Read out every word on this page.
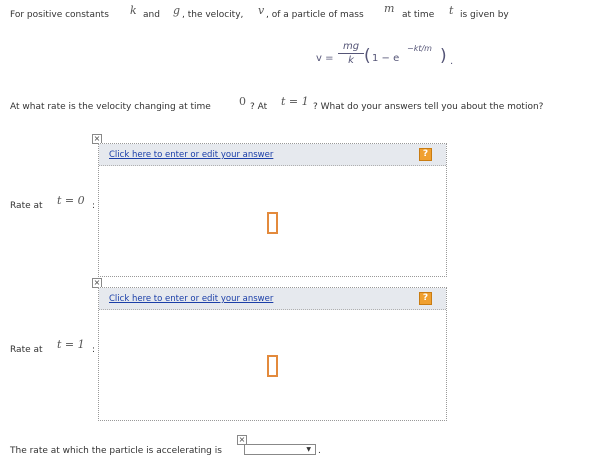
For positive constants k and g , the velocity, v , of a particle of mass m at time t is given by
v =
mg
k ( 1 − e
−kt/m ) .
At what rate is the velocity changing at time	0 ? At t = 1 ? What do your answers tell you about the motion?
×
Click here to enter or edit your answer	?
Rate at t = 0 :
×
Click here to enter or edit your answer	?
Rate at t = 1 :
The rate at which the particle is accelerating is
×
▼ .
